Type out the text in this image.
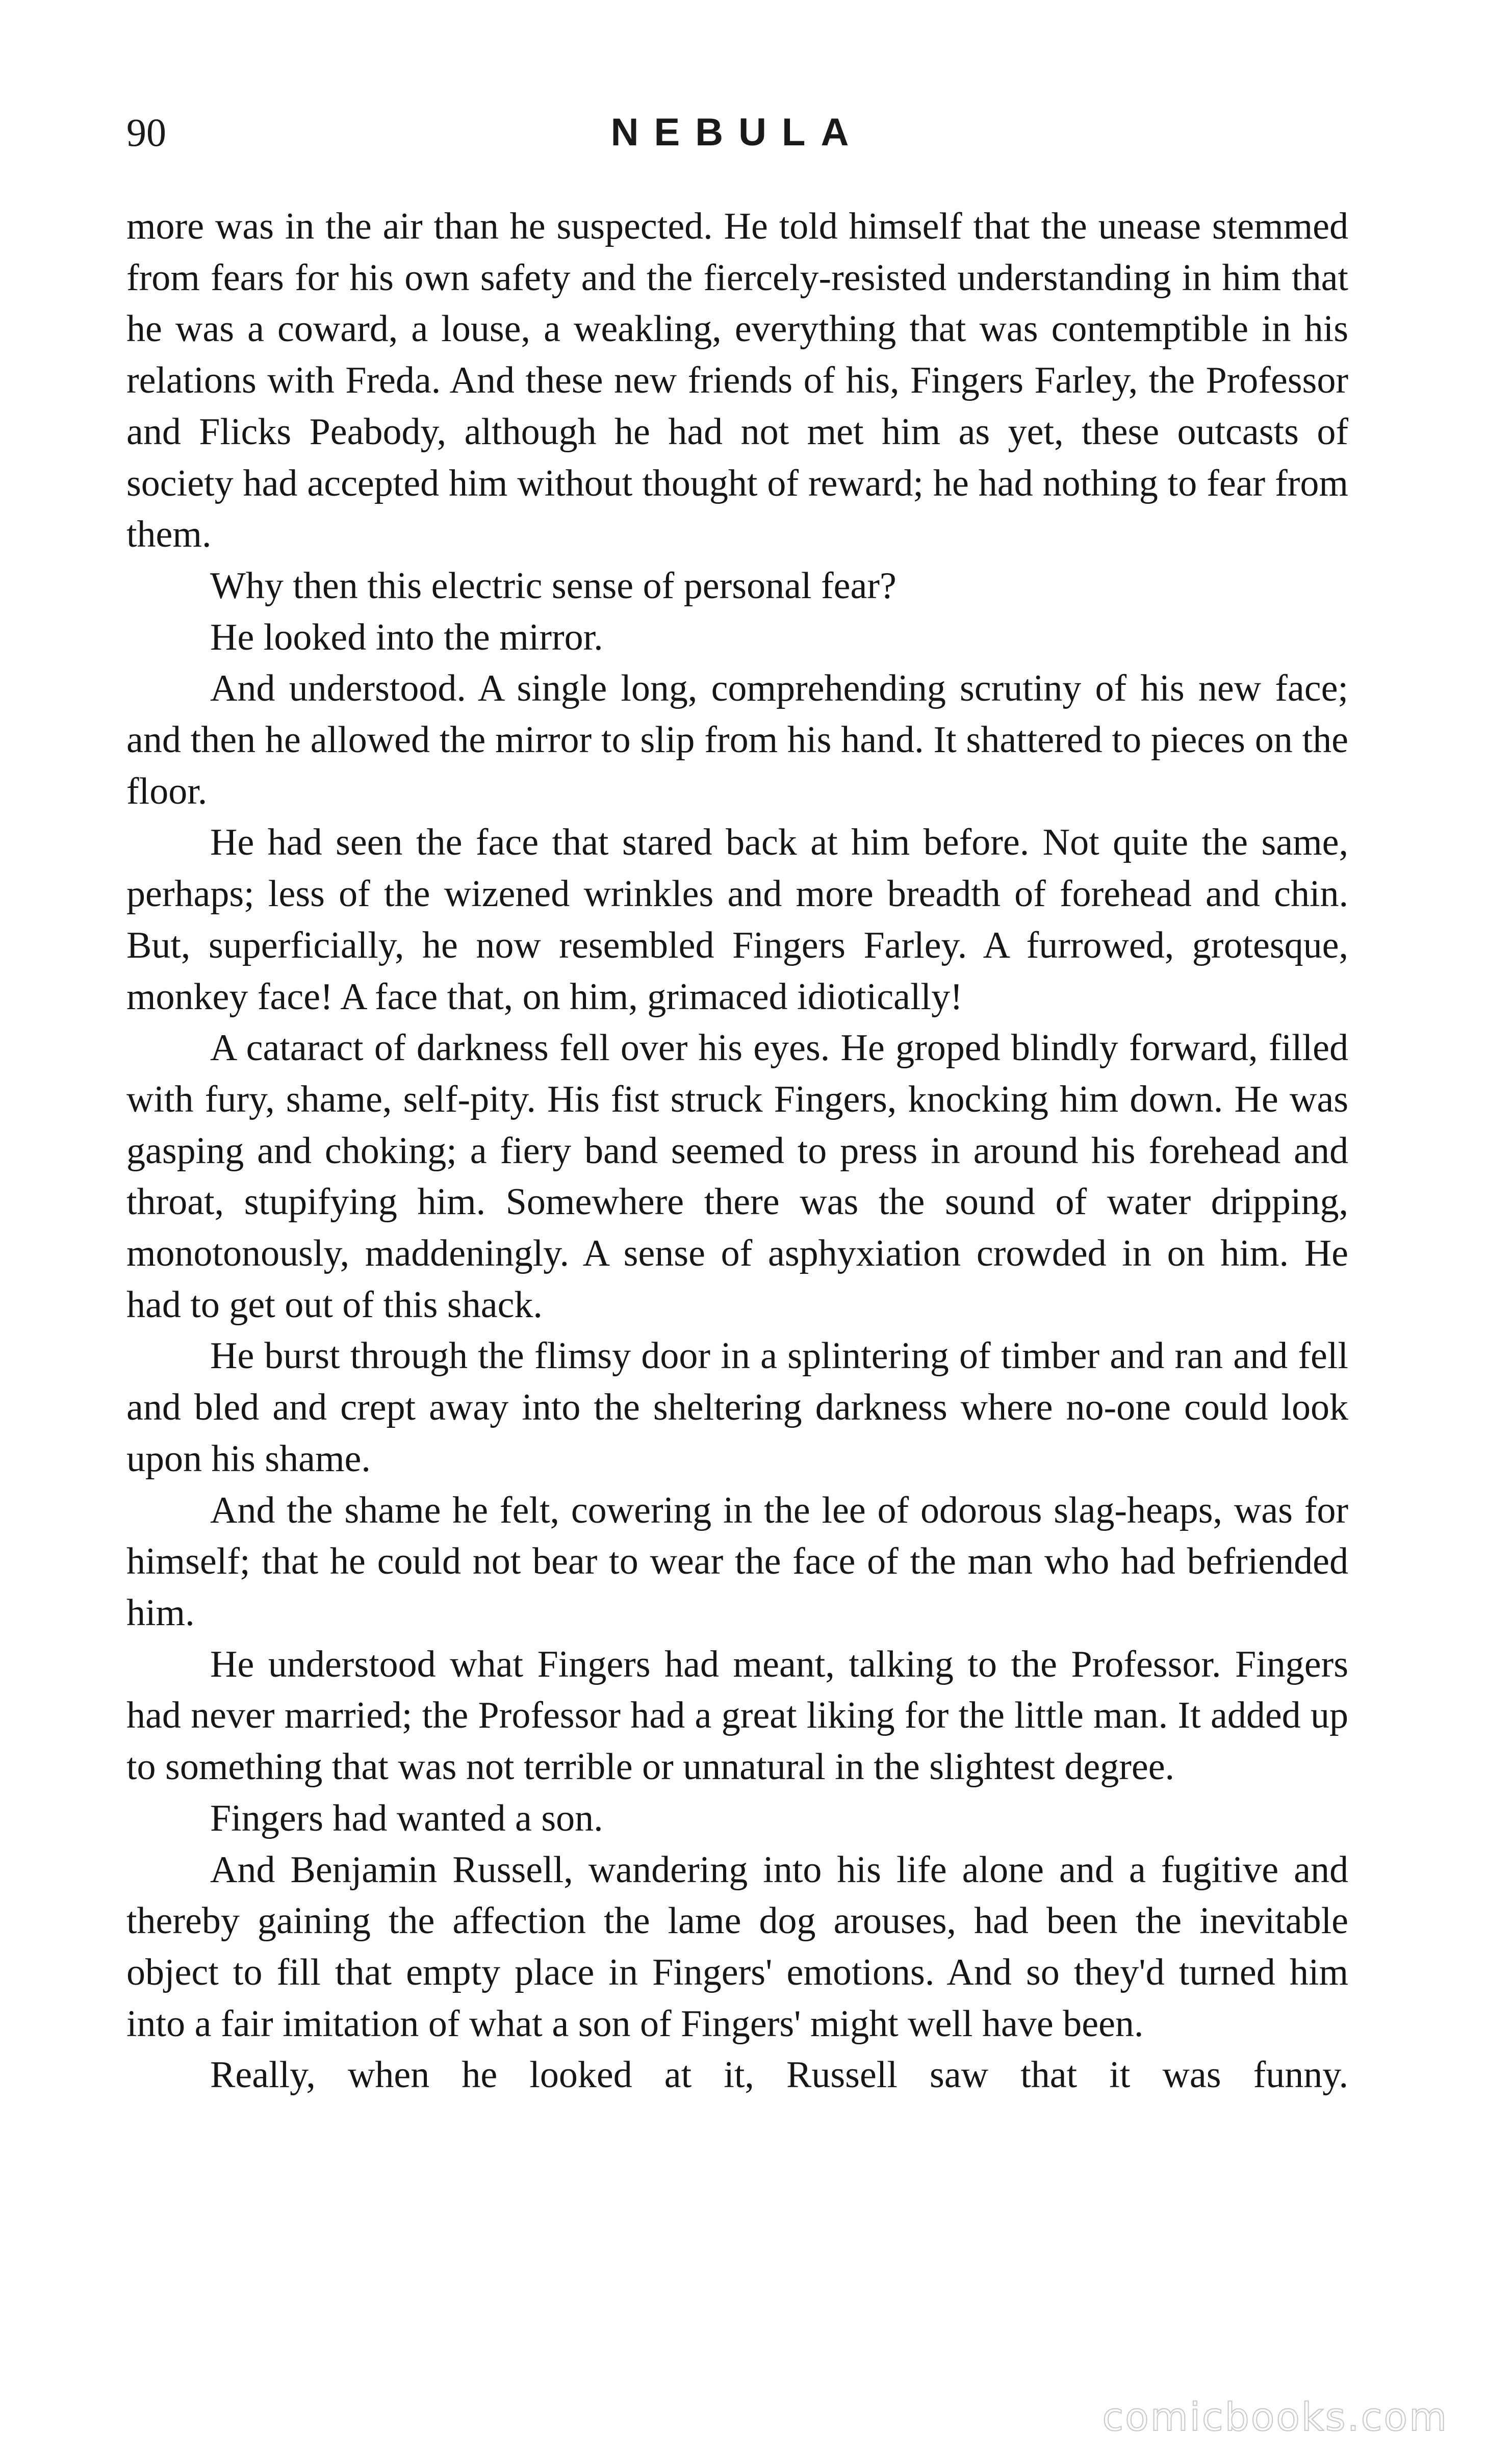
90	NEBULA

more was in the air than he suspected. He told himself that the unease stemmed from fears for his own safety and the fiercely-resisted understanding in him that he was a coward, a louse, a weakling, everything that was contemptible in his relations with Freda. And these new friends of his, Fingers Farley, the Professor and Flicks Peabody, although he had not met him as yet, these outcasts of society had accepted him without thought of reward; he had nothing to fear from them.

Why then this electric sense of personal fear?

He looked into the mirror.

And understood. A single long, comprehending scrutiny of his new face; and then he allowed the mirror to slip from his hand. It shattered to pieces on the floor.

He had seen the face that stared back at him before. Not quite the same, perhaps; less of the wizened wrinkles and more breadth of forehead and chin. But, superficially, he now resembled Fingers Farley. A furrowed, grotesque, monkey face! A face that, on him, grimaced idiotically!

A cataract of darkness fell over his eyes. He groped blindly forward, filled with fury, shame, self-pity. His fist struck Fingers, knocking him down. He was gasping and choking; a fiery band seemed to press in around his forehead and throat, stupifying him. Somewhere there was the sound of water dripping, monotonously, maddeningly. A sense of asphyxiation crowded in on him. He had to get out of this shack.

He burst through the flimsy door in a splintering of timber and ran and fell and bled and crept away into the sheltering darkness where no-one could look upon his shame.

And the shame he felt, cowering in the lee of odorous slag-heaps, was for himself; that he could not bear to wear the face of the man who had befriended him.

He understood what Fingers had meant, talking to the Professor. Fingers had never married; the Professor had a great liking for the little man. It added up to something that was not terrible or unnatural in the slightest degree.

Fingers had wanted a son.

And Benjamin Russell, wandering into his life alone and a fugitive and thereby gaining the affection the lame dog arouses, had been the inevitable object to fill that empty place in Fingers' emotions. And so they'd turned him into a fair imitation of what a son of Fingers' might well have been.

Really, when he looked at it, Russell saw that it was funny.

comicbooks.com
